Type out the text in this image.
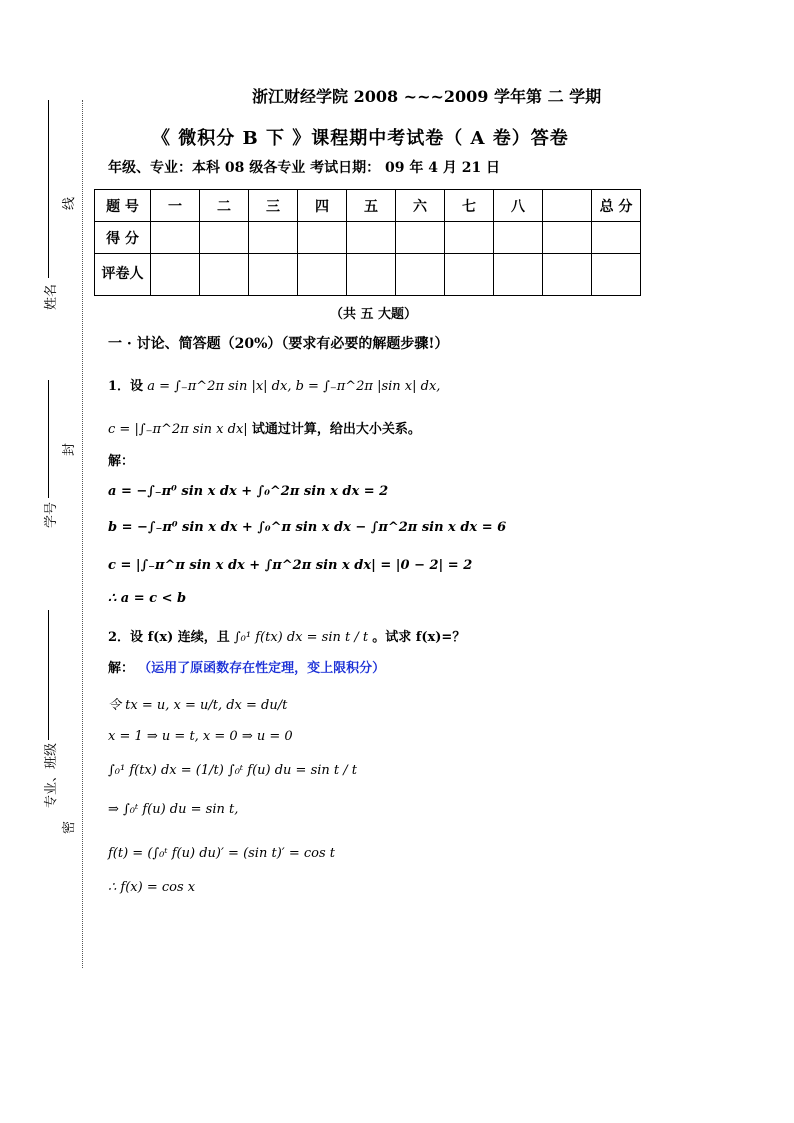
线
姓名
封
学号
专业、班级
密
浙江财经学院 2008 ~~~2009 学年第 二 学期
《 微积分 B 下 》课程期中考试卷（ A 卷）答卷
年级、专业：本科 08 级各专业 考试日期： 09 年 4 月 21 日
题 号	一	二	三	四	五	六	七	八		总 分
得 分										
评卷人										
（共 五 大题）
一 · 讨论、简答题（20%）（要求有必要的解题步骤!）
1．设 a = ∫₋π^2π sin |x| dx, b = ∫₋π^2π |sin x| dx,
c = |∫₋π^2π sin x dx| 试通过计算，给出大小关系。
解：
a = −∫₋π⁰ sin x dx + ∫₀^2π sin x dx = 2
b = −∫₋π⁰ sin x dx + ∫₀^π sin x dx − ∫π^2π sin x dx = 6
c = |∫₋π^π sin x dx + ∫π^2π sin x dx| = |0 − 2| = 2
∴ a = c < b
2．设 f(x) 连续，且 ∫₀¹ f(tx) dx = sin t / t 。试求 f(x)=？
解： （运用了原函数存在性定理，变上限积分）
令 tx = u, x = u/t, dx = du/t
x = 1 ⇒ u = t, x = 0 ⇒ u = 0
∫₀¹ f(tx) dx = (1/t) ∫₀ᵗ f(u) du = sin t / t
⇒ ∫₀ᵗ f(u) du = sin t,
f(t) = (∫₀ᵗ f(u) du)′ = (sin t)′ = cos t
∴ f(x) = cos x
